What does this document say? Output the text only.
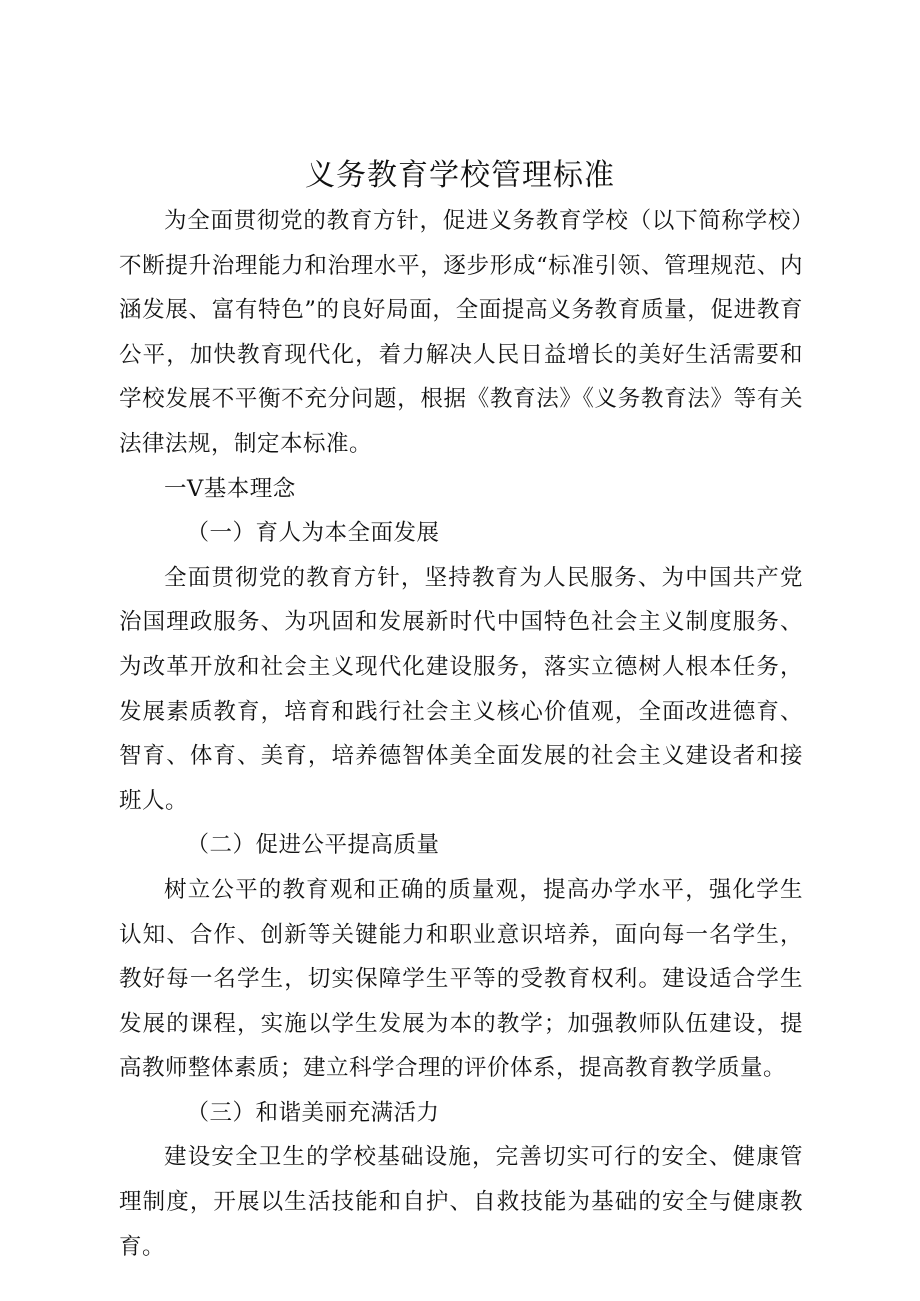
义务教育学校管理标准

为全面贯彻党的教育方针，促进义务教育学校（以下简称学校）不断提升治理能力和治理水平，逐步形成“标准引领、管理规范、内涵发展、富有特色”的良好局面，全面提高义务教育质量，促进教育公平，加快教育现代化，着力解决人民日益增长的美好生活需要和学校发展不平衡不充分问题，根据《教育法》《义务教育法》等有关法律法规，制定本标准。

一V基本理念

（一）育人为本全面发展

全面贯彻党的教育方针，坚持教育为人民服务、为中国共产党治国理政服务、为巩固和发展新时代中国特色社会主义制度服务、为改革开放和社会主义现代化建设服务，落实立德树人根本任务，发展素质教育，培育和践行社会主义核心价值观，全面改进德育、智育、体育、美育，培养德智体美全面发展的社会主义建设者和接班人。

（二）促进公平提高质量

树立公平的教育观和正确的质量观，提高办学水平，强化学生认知、合作、创新等关键能力和职业意识培养，面向每一名学生，教好每一名学生，切实保障学生平等的受教育权利。建设适合学生发展的课程，实施以学生发展为本的教学；加强教师队伍建设，提高教师整体素质；建立科学合理的评价体系，提高教育教学质量。

（三）和谐美丽充满活力

建设安全卫生的学校基础设施，完善切实可行的安全、健康管理制度，开展以生活技能和自护、自救技能为基础的安全与健康教育。
